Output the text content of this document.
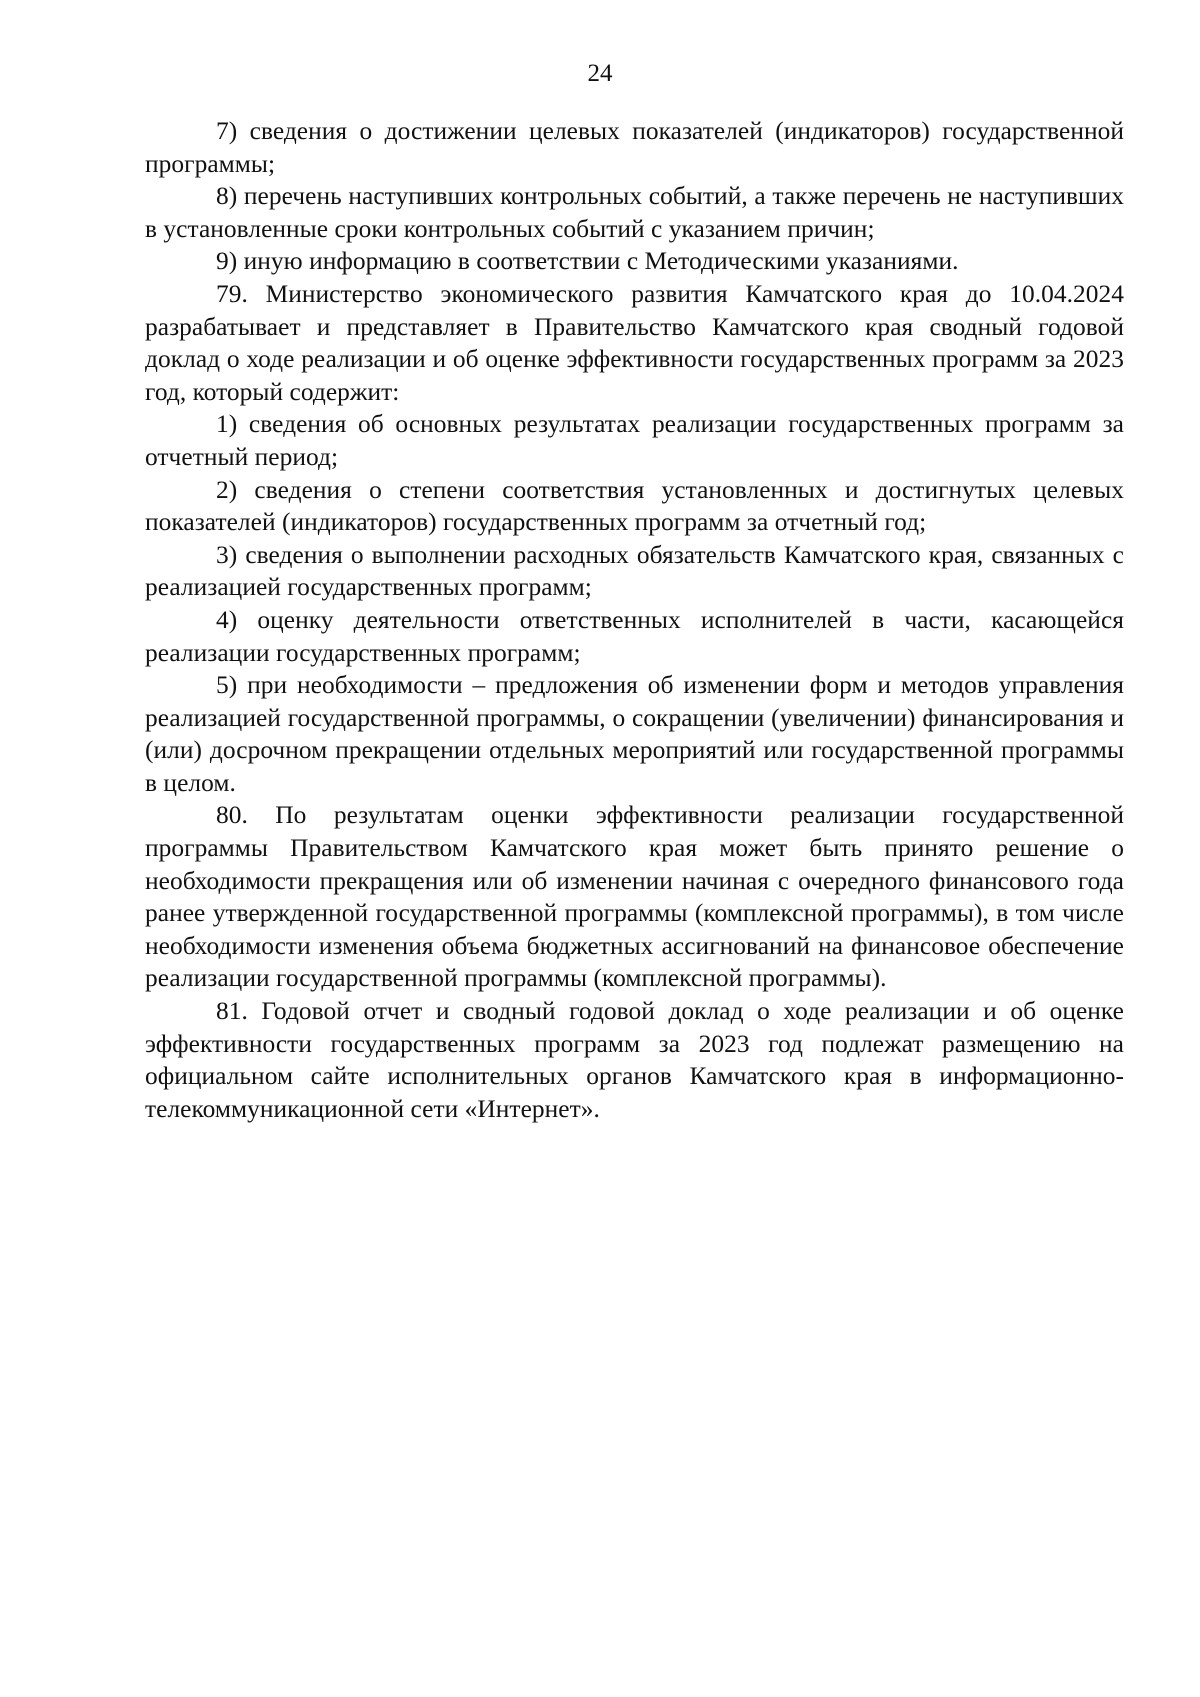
24

7) сведения о достижении целевых показателей (индикаторов) государственной программы;

8) перечень наступивших контрольных событий, а также перечень не наступивших в установленные сроки контрольных событий с указанием причин;

9) иную информацию в соответствии с Методическими указаниями.

79. Министерство экономического развития Камчатского края до 10.04.2024 разрабатывает и представляет в Правительство Камчатского края сводный годовой доклад о ходе реализации и об оценке эффективности государственных программ за 2023 год, который содержит:

1) сведения об основных результатах реализации государственных программ за отчетный период;

2) сведения о степени соответствия установленных и достигнутых целевых показателей (индикаторов) государственных программ за отчетный год;

3) сведения о выполнении расходных обязательств Камчатского края, связанных с реализацией государственных программ;

4) оценку деятельности ответственных исполнителей в части, касающейся реализации государственных программ;

5) при необходимости – предложения об изменении форм и методов управления реализацией государственной программы, о сокращении (увеличении) финансирования и (или) досрочном прекращении отдельных мероприятий или государственной программы в целом.

80. По результатам оценки эффективности реализации государственной программы Правительством Камчатского края может быть принято решение о необходимости прекращения или об изменении начиная с очередного финансового года ранее утвержденной государственной программы (комплексной программы), в том числе необходимости изменения объема бюджетных ассигнований на финансовое обеспечение реализации государственной программы (комплексной программы).

81. Годовой отчет и сводный годовой доклад о ходе реализации и об оценке эффективности государственных программ за 2023 год подлежат размещению на официальном сайте исполнительных органов Камчатского края в информационно-телекоммуникационной сети «Интернет».
